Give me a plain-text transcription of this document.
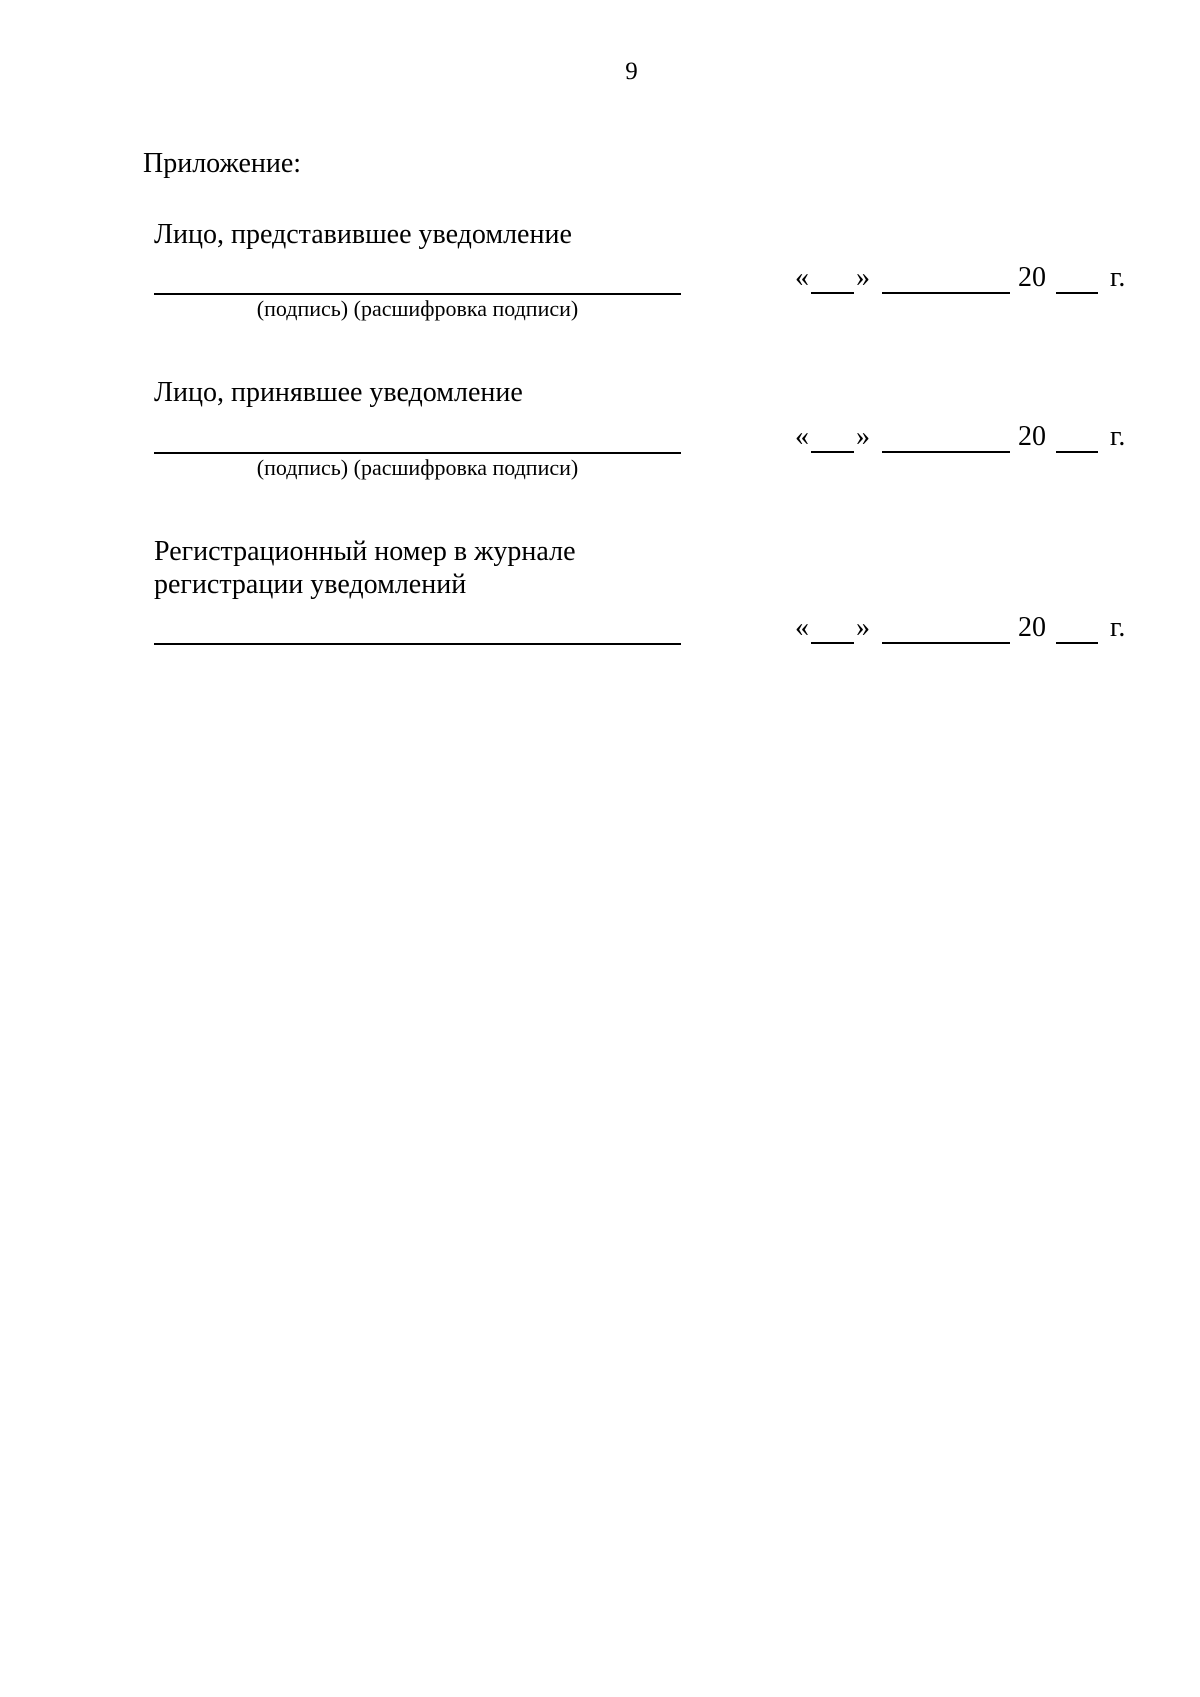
9
Приложение:
Лицо, представившее уведомление
(подпись) (расшифровка подписи)
« »	20 г.
Лицо, принявшее уведомление
(подпись) (расшифровка подписи)
« »	20 г.
Регистрационный номер в журнале
регистрации уведомлений
« »	20 г.
